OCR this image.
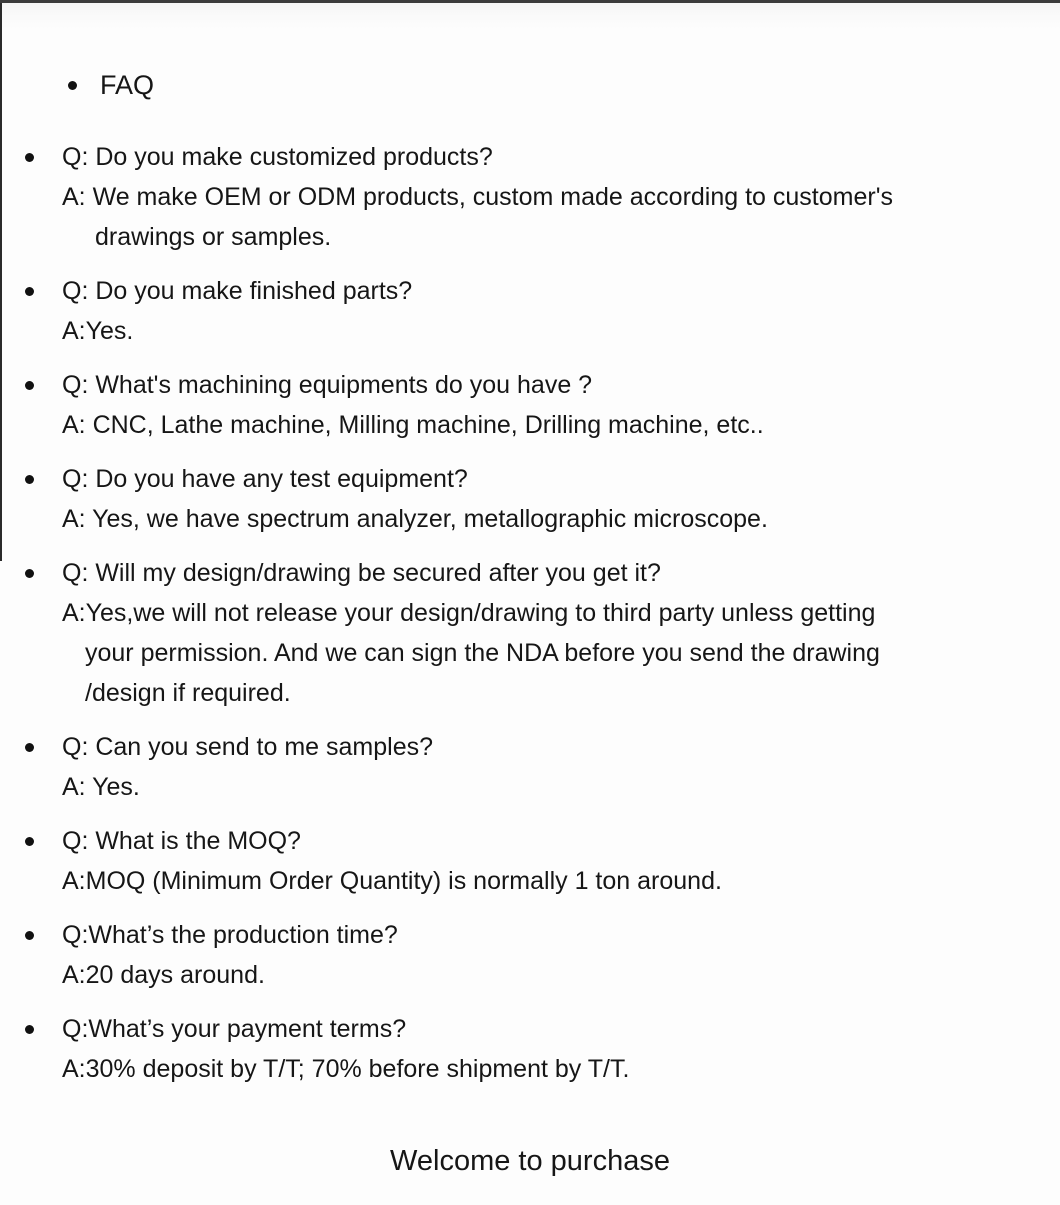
FAQ
Q: Do you make customized products?
A: We make OEM or ODM products, custom made according to customer's
drawings or samples.
Q: Do you make finished parts?
A:Yes.
Q: What's machining equipments do you have ?
A: CNC, Lathe machine, Milling machine, Drilling machine, etc..
Q: Do you have any test equipment?
A: Yes, we have spectrum analyzer, metallographic microscope.
Q: Will my design/drawing be secured after you get it?
A:Yes,we will not release your design/drawing to third party unless getting
your permission. And we can sign the NDA before you send the drawing
/design if required.
Q: Can you send to me samples?
A: Yes.
Q: What is the MOQ?
A:MOQ (Minimum Order Quantity) is normally 1 ton around.
Q:What’s the production time?
A:20 days around.
Q:What’s your payment terms?
A:30% deposit by T/T; 70% before shipment by T/T.
Welcome to purchase
